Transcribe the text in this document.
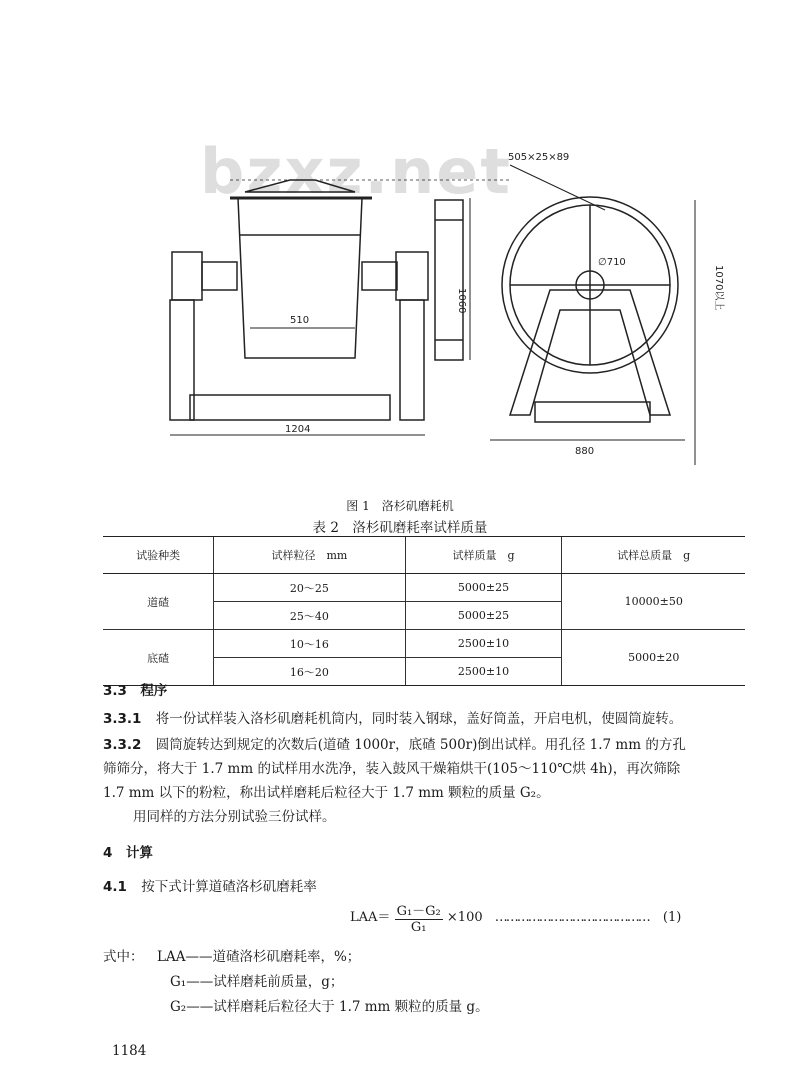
bzxz.net
505×25×89
510
1060
1204
∅710
880
1070以上
图 1　洛杉矶磨耗机
表 2　洛杉矶磨耗率试样质量
试验种类	试样粒径　mm	试样质量　g	试样总质量　g
道碴	20～25	5000±25	10000±50
	25～40	5000±25	
底碴	10～16	2500±10	5000±20
	16～20	2500±10	
3.3　程序
3.3.1 将一份试样装入洛杉矶磨耗机筒内，同时装入钢球，盖好筒盖，开启电机，使圆筒旋转。
3.3.2 圆筒旋转达到规定的次数后(道碴 1000r，底碴 500r)倒出试样。用孔径 1.7 mm 的方孔
筛筛分，将大于 1.7 mm 的试样用水洗净，装入鼓风干燥箱烘干(105～110℃烘 4h)，再次筛除
1.7 mm 以下的粉粒，称出试样磨耗后粒径大于 1.7 mm 颗粒的质量 G₂。
用同样的方法分别试验三份试样。
4　计算
4.1 按下式计算道碴洛杉矶磨耗率
$LAA= \frac{\text{G₁－G₂}}{\text{G₁}} \times 100$ …………………………………… (1)
式中： LAA——道碴洛杉矶磨耗率，%；
G₁——试样磨耗前质量，g；
G₂——试样磨耗后粒径大于 1.7 mm 颗粒的质量 g。
1184
